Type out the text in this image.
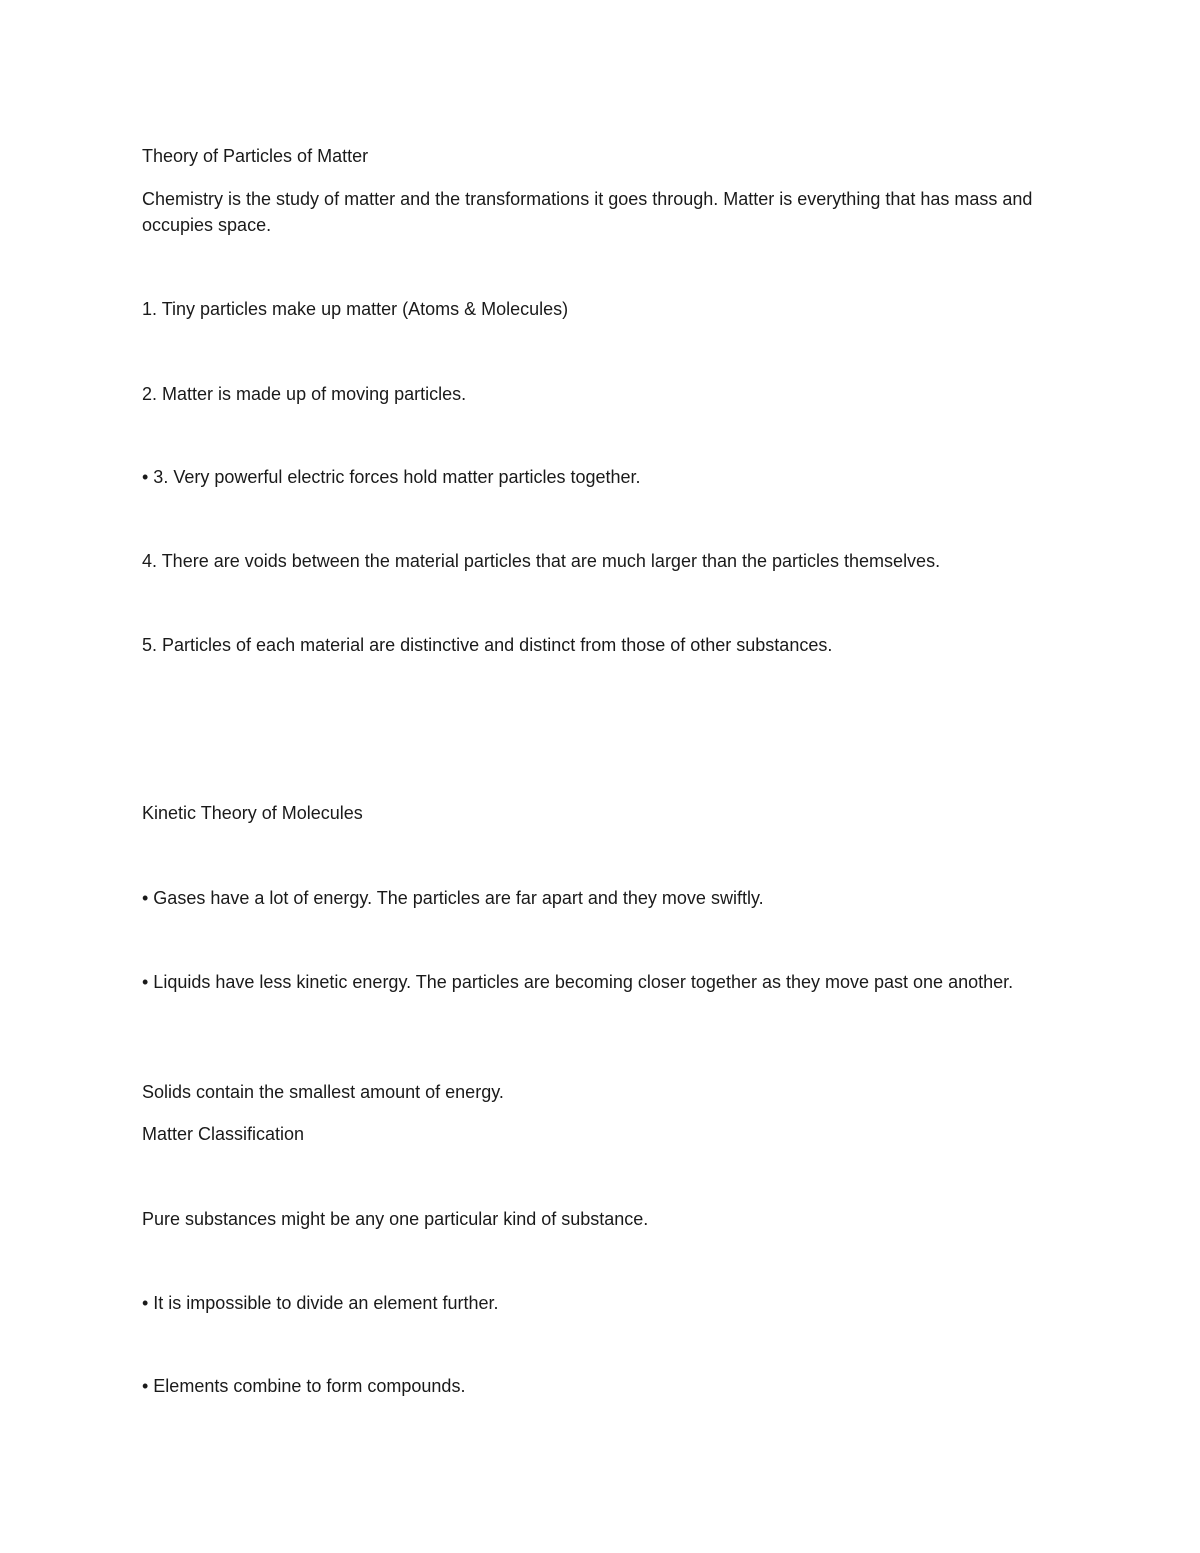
Theory of Particles of Matter
Chemistry is the study of matter and the transformations it goes through. Matter is everything that has mass and occupies space.
1. Tiny particles make up matter (Atoms & Molecules)
2. Matter is made up of moving particles.
• 3. Very powerful electric forces hold matter particles together.
4. There are voids between the material particles that are much larger than the particles themselves.
5. Particles of each material are distinctive and distinct from those of other substances.
Kinetic Theory of Molecules
• Gases have a lot of energy. The particles are far apart and they move swiftly.
• Liquids have less kinetic energy. The particles are becoming closer together as they move past one another.
Solids contain the smallest amount of energy.
Matter Classification
Pure substances might be any one particular kind of substance.
• It is impossible to divide an element further.
• Elements combine to form compounds.
